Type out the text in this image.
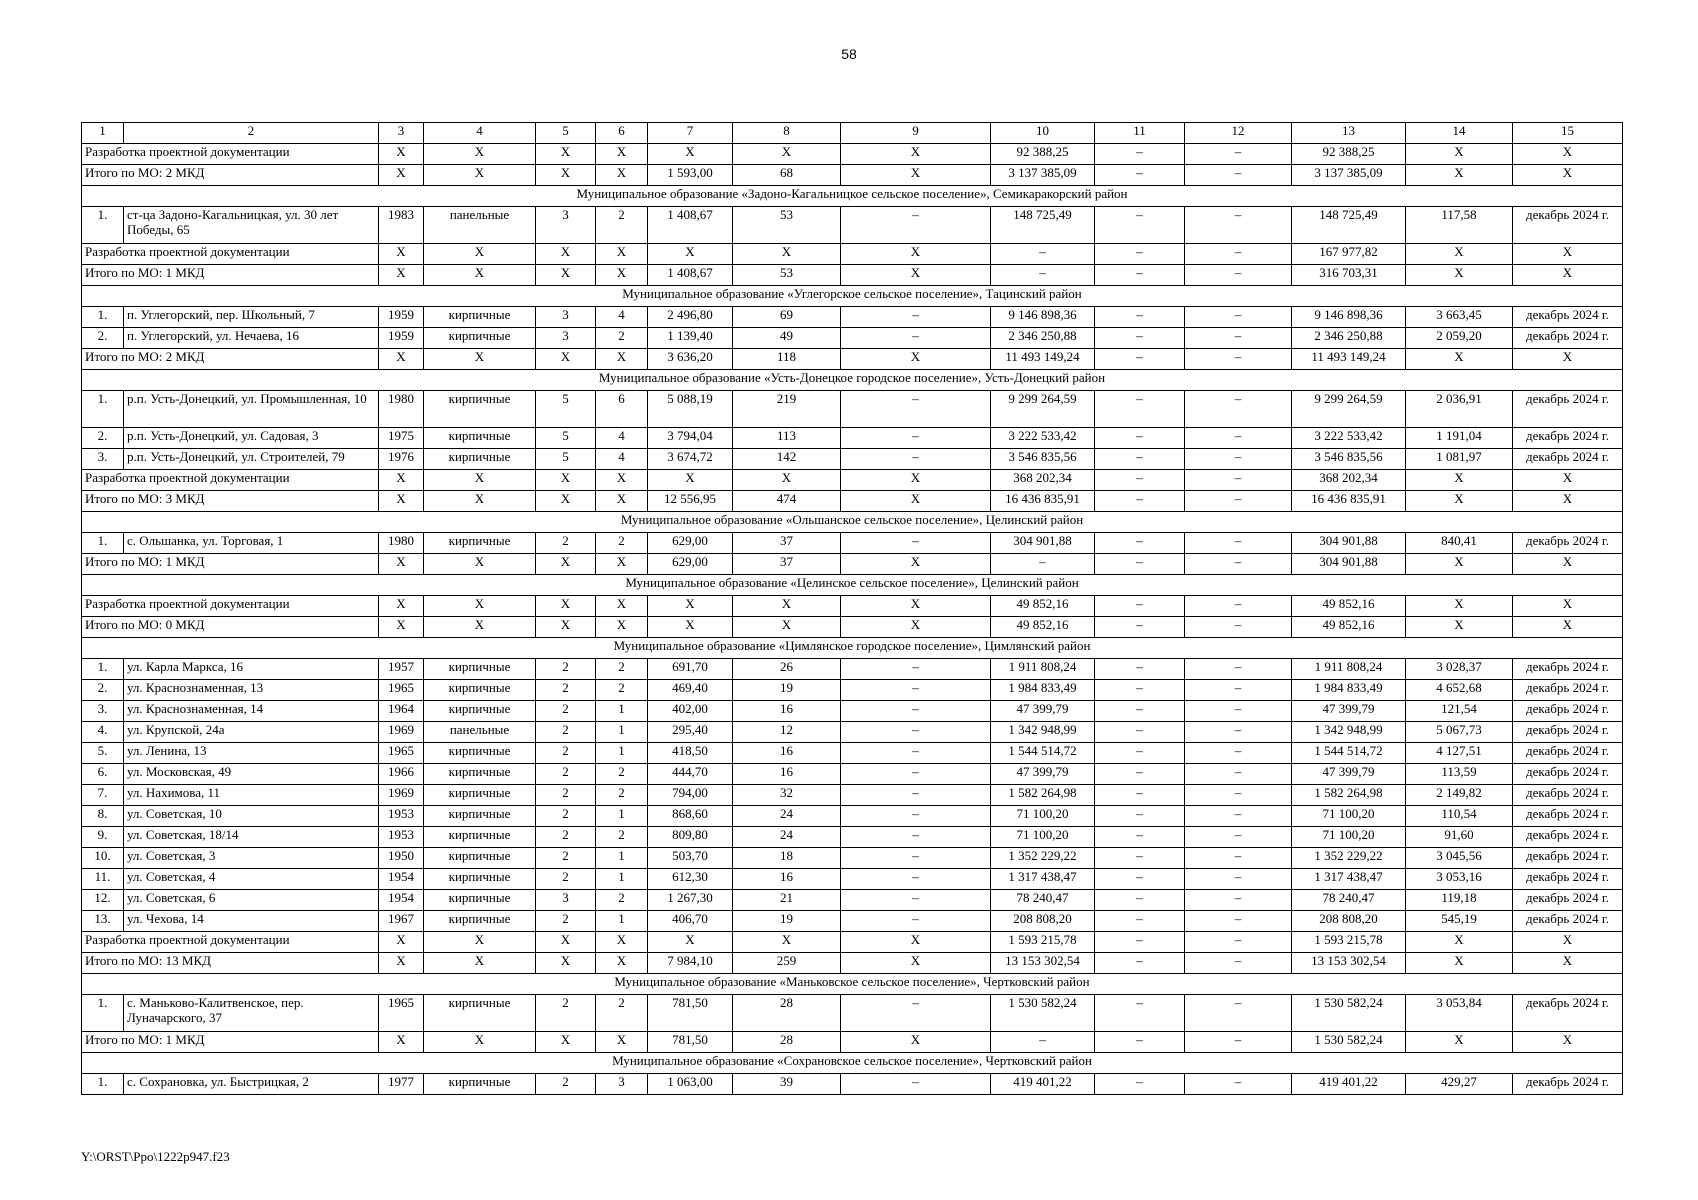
58
1	2	3	4	5	6	7	8	9	10	11	12	13	14	15
Разработка проектной документации		X	X	X	X	X	X	X	92 388,25	–	–	92 388,25	X	X
Итого по МО: 2 МКД		X	X	X	X	1 593,00	68	X	3 137 385,09	–	–	3 137 385,09	X	X
Муниципальное образование «Задоно-Кагальницкое сельское поселение», Семикаракорский район														
1.	ст-ца Задоно-Кагальницкая, ул. 30 лет Победы, 65	1983	панельные	3	2	1 408,67	53	–	148 725,49	–	–	148 725,49	117,58	декабрь 2024 г.
Разработка проектной документации		X	X	X	X	X	X	X	–	–	–	167 977,82	X	X
Итого по МО: 1 МКД		X	X	X	X	1 408,67	53	X	–	–	–	316 703,31	X	X
Муниципальное образование «Углегорское сельское поселение», Тацинский район														
1.	п. Углегорский, пер. Школьный, 7	1959	кирпичные	3	4	2 496,80	69	–	9 146 898,36	–	–	9 146 898,36	3 663,45	декабрь 2024 г.
2.	п. Углегорский, ул. Нечаева, 16	1959	кирпичные	3	2	1 139,40	49	–	2 346 250,88	–	–	2 346 250,88	2 059,20	декабрь 2024 г.
Итого по МО: 2 МКД		X	X	X	X	3 636,20	118	X	11 493 149,24	–	–	11 493 149,24	X	X
Муниципальное образование «Усть-Донецкое городское поселение», Усть-Донецкий район														
1.	р.п. Усть-Донецкий, ул. Промышленная, 10	1980	кирпичные	5	6	5 088,19	219	–	9 299 264,59	–	–	9 299 264,59	2 036,91	декабрь 2024 г.
2.	р.п. Усть-Донецкий, ул. Садовая, 3	1975	кирпичные	5	4	3 794,04	113	–	3 222 533,42	–	–	3 222 533,42	1 191,04	декабрь 2024 г.
3.	р.п. Усть-Донецкий, ул. Строителей, 79	1976	кирпичные	5	4	3 674,72	142	–	3 546 835,56	–	–	3 546 835,56	1 081,97	декабрь 2024 г.
Разработка проектной документации		X	X	X	X	X	X	X	368 202,34	–	–	368 202,34	X	X
Итого по МО: 3 МКД		X	X	X	X	12 556,95	474	X	16 436 835,91	–	–	16 436 835,91	X	X
Муниципальное образование «Ольшанское сельское поселение», Целинский район														
1.	с. Ольшанка, ул. Торговая, 1	1980	кирпичные	2	2	629,00	37	–	304 901,88	–	–	304 901,88	840,41	декабрь 2024 г.
Итого по МО: 1 МКД		X	X	X	X	629,00	37	X	–	–	–	304 901,88	X	X
Муниципальное образование «Целинское сельское поселение», Целинский район														
Разработка проектной документации		X	X	X	X	X	X	X	49 852,16	–	–	49 852,16	X	X
Итого по МО: 0 МКД		X	X	X	X	X	X	X	49 852,16	–	–	49 852,16	X	X
Муниципальное образование «Цимлянское городское поселение», Цимлянский район														
1.	ул. Карла Маркса, 16	1957	кирпичные	2	2	691,70	26	–	1 911 808,24	–	–	1 911 808,24	3 028,37	декабрь 2024 г.
2.	ул. Краснознаменная, 13	1965	кирпичные	2	2	469,40	19	–	1 984 833,49	–	–	1 984 833,49	4 652,68	декабрь 2024 г.
3.	ул. Краснознаменная, 14	1964	кирпичные	2	1	402,00	16	–	47 399,79	–	–	47 399,79	121,54	декабрь 2024 г.
4.	ул. Крупской, 24а	1969	панельные	2	1	295,40	12	–	1 342 948,99	–	–	1 342 948,99	5 067,73	декабрь 2024 г.
5.	ул. Ленина, 13	1965	кирпичные	2	1	418,50	16	–	1 544 514,72	–	–	1 544 514,72	4 127,51	декабрь 2024 г.
6.	ул. Московская, 49	1966	кирпичные	2	2	444,70	16	–	47 399,79	–	–	47 399,79	113,59	декабрь 2024 г.
7.	ул. Нахимова, 11	1969	кирпичные	2	2	794,00	32	–	1 582 264,98	–	–	1 582 264,98	2 149,82	декабрь 2024 г.
8.	ул. Советская, 10	1953	кирпичные	2	1	868,60	24	–	71 100,20	–	–	71 100,20	110,54	декабрь 2024 г.
9.	ул. Советская, 18/14	1953	кирпичные	2	2	809,80	24	–	71 100,20	–	–	71 100,20	91,60	декабрь 2024 г.
10.	ул. Советская, 3	1950	кирпичные	2	1	503,70	18	–	1 352 229,22	–	–	1 352 229,22	3 045,56	декабрь 2024 г.
11.	ул. Советская, 4	1954	кирпичные	2	1	612,30	16	–	1 317 438,47	–	–	1 317 438,47	3 053,16	декабрь 2024 г.
12.	ул. Советская, 6	1954	кирпичные	3	2	1 267,30	21	–	78 240,47	–	–	78 240,47	119,18	декабрь 2024 г.
13.	ул. Чехова, 14	1967	кирпичные	2	1	406,70	19	–	208 808,20	–	–	208 808,20	545,19	декабрь 2024 г.
Разработка проектной документации		X	X	X	X	X	X	X	1 593 215,78	–	–	1 593 215,78	X	X
Итого по МО: 13 МКД		X	X	X	X	7 984,10	259	X	13 153 302,54	–	–	13 153 302,54	X	X
Муниципальное образование «Маньковское сельское поселение», Чертковский район														
1.	с. Маньково-Калитвенское, пер. Луначарского, 37	1965	кирпичные	2	2	781,50	28	–	1 530 582,24	–	–	1 530 582,24	3 053,84	декабрь 2024 г.
Итого по МО: 1 МКД		X	X	X	X	781,50	28	X	–	–	–	1 530 582,24	X	X
Муниципальное образование «Сохрановское сельское поселение», Чертковский район														
1.	с. Сохрановка, ул. Быстрицкая, 2	1977	кирпичные	2	3	1 063,00	39	–	419 401,22	–	–	419 401,22	429,27	декабрь 2024 г.
Y:\ORST\Ppo\1222p947.f23
